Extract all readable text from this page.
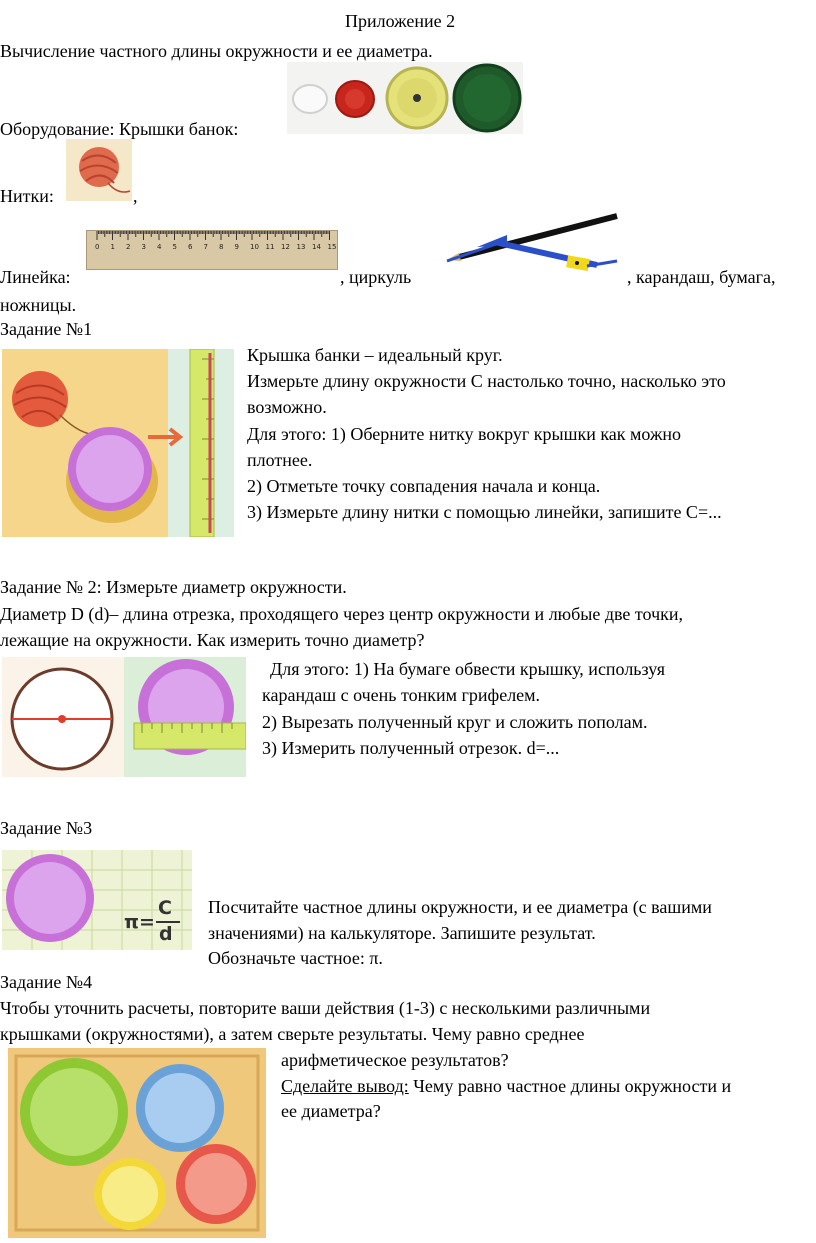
Приложение 2
Вычисление частного длины окружности и ее диаметра.
Оборудование: Крышки банок:
Нитки:	,
0 1 2 3 4 5 6 7 8 9 10 11 12 13 14 15
Линейка:	, циркуль	, карандаш, бумага,
ножницы.
Задание №1
Крышка банки – идеальный круг.
Измерьте длину окружности C настолько точно, насколько это
возможно.
Для этого: 1) Оберните нитку вокруг крышки как можно
плотнее.
2) Отметьте точку совпадения начала и конца.
3) Измерьте длину нитки с помощью линейки, запишите С=...
Задание № 2: Измерьте диаметр окружности.
Диаметр D (d)– длина отрезка, проходящего через центр окружности и любые две точки,
лежащие на окружности. Как измерить точно диаметр?
Для этого: 1) На бумаге обвести крышку, используя
карандаш с очень тонким грифелем.
2) Вырезать полученный круг и сложить пополам.
3) Измерить полученный отрезок. d=...
Задание №3
π=
C
d
Посчитайте частное длины окружности, и ее диаметра (с вашими
значениями) на калькуляторе. Запишите результат.
Обозначьте частное: π.
Задание №4
Чтобы уточнить расчеты, повторите ваши действия (1-3) с несколькими различными
крышками (окружностями), а затем сверьте результаты. Чему равно среднее
арифметическое результатов?
Сделайте вывод: Чему равно частное длины окружности и
ее диаметра?
